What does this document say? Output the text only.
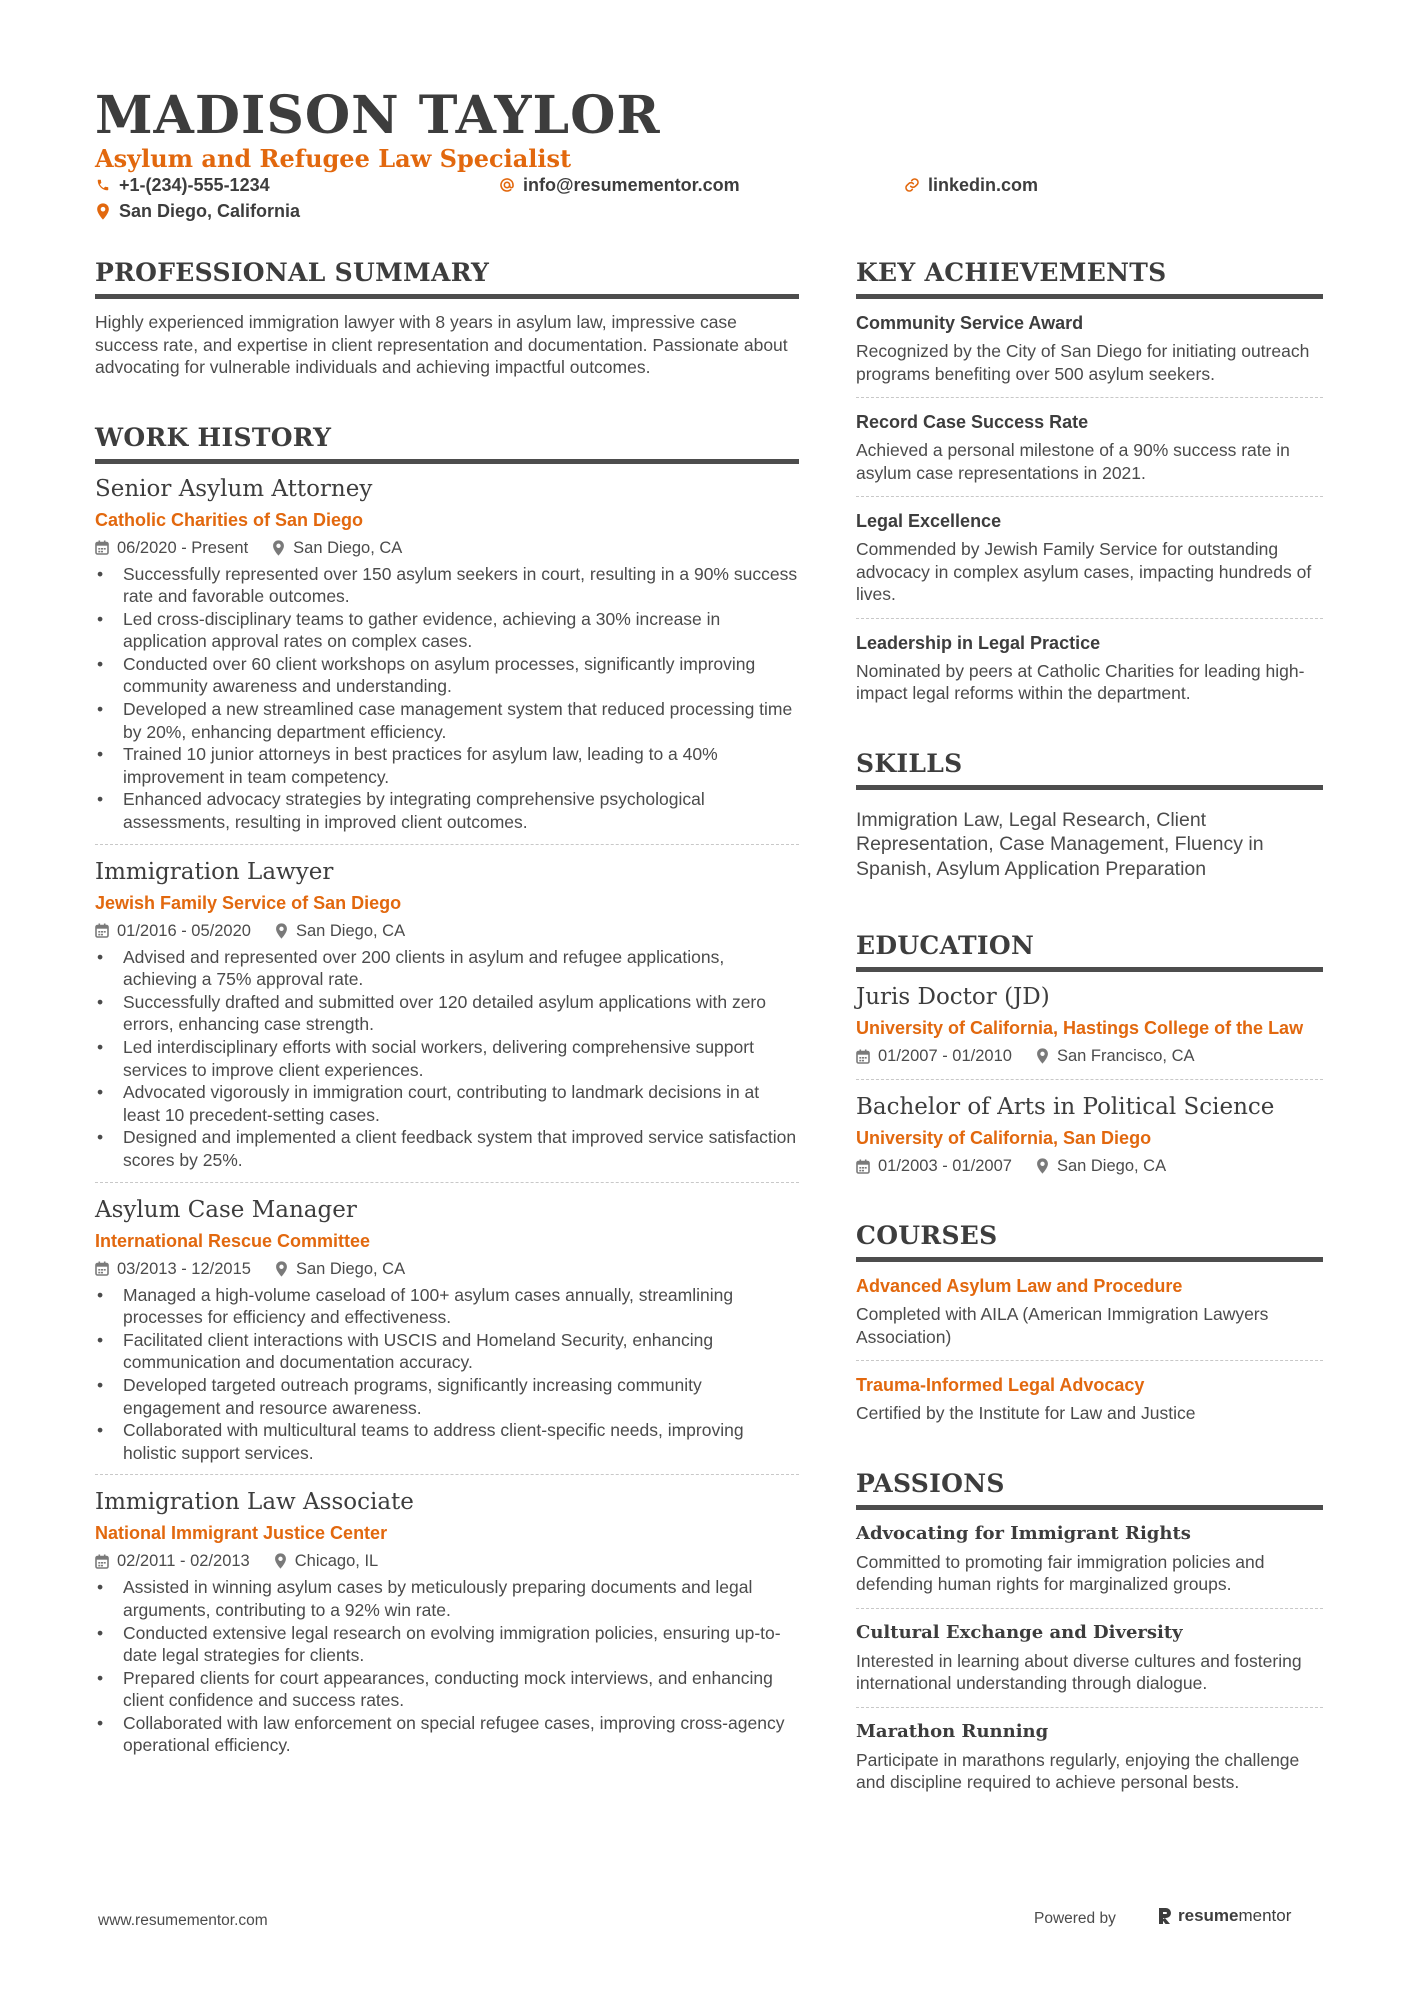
MADISON TAYLOR
Asylum and Refugee Law Specialist
+1-(234)-555-1234	info@resumementor.com	linkedin.com
San Diego, California
PROFESSIONAL SUMMARY
Highly experienced immigration lawyer with 8 years in asylum law, impressive case success rate, and expertise in client representation and documentation. Passionate about advocating for vulnerable individuals and achieving impactful outcomes.
WORK HISTORY
Senior Asylum Attorney
Catholic Charities of San Diego
06/2020 - Present	San Diego, CA
• Successfully represented over 150 asylum seekers in court, resulting in a 90% success rate and favorable outcomes.
• Led cross-disciplinary teams to gather evidence, achieving a 30% increase in application approval rates on complex cases.
• Conducted over 60 client workshops on asylum processes, significantly improving community awareness and understanding.
• Developed a new streamlined case management system that reduced processing time by 20%, enhancing department efficiency.
• Trained 10 junior attorneys in best practices for asylum law, leading to a 40% improvement in team competency.
• Enhanced advocacy strategies by integrating comprehensive psychological assessments, resulting in improved client outcomes.
Immigration Lawyer
Jewish Family Service of San Diego
01/2016 - 05/2020	San Diego, CA
• Advised and represented over 200 clients in asylum and refugee applications, achieving a 75% approval rate.
• Successfully drafted and submitted over 120 detailed asylum applications with zero errors, enhancing case strength.
• Led interdisciplinary efforts with social workers, delivering comprehensive support services to improve client experiences.
• Advocated vigorously in immigration court, contributing to landmark decisions in at least 10 precedent-setting cases.
• Designed and implemented a client feedback system that improved service satisfaction scores by 25%.
Asylum Case Manager
International Rescue Committee
03/2013 - 12/2015	San Diego, CA
• Managed a high-volume caseload of 100+ asylum cases annually, streamlining processes for efficiency and effectiveness.
• Facilitated client interactions with USCIS and Homeland Security, enhancing communication and documentation accuracy.
• Developed targeted outreach programs, significantly increasing community engagement and resource awareness.
• Collaborated with multicultural teams to address client-specific needs, improving holistic support services.
Immigration Law Associate
National Immigrant Justice Center
02/2011 - 02/2013	Chicago, IL
• Assisted in winning asylum cases by meticulously preparing documents and legal arguments, contributing to a 92% win rate.
• Conducted extensive legal research on evolving immigration policies, ensuring up-to-date legal strategies for clients.
• Prepared clients for court appearances, conducting mock interviews, and enhancing client confidence and success rates.
• Collaborated with law enforcement on special refugee cases, improving cross-agency operational efficiency.
KEY ACHIEVEMENTS
Community Service Award
Recognized by the City of San Diego for initiating outreach programs benefiting over 500 asylum seekers.
Record Case Success Rate
Achieved a personal milestone of a 90% success rate in asylum case representations in 2021.
Legal Excellence
Commended by Jewish Family Service for outstanding advocacy in complex asylum cases, impacting hundreds of lives.
Leadership in Legal Practice
Nominated by peers at Catholic Charities for leading high-impact legal reforms within the department.
SKILLS
Immigration Law, Legal Research, Client Representation, Case Management, Fluency in Spanish, Asylum Application Preparation
EDUCATION
Juris Doctor (JD)
University of California, Hastings College of the Law
01/2007 - 01/2010	San Francisco, CA
Bachelor of Arts in Political Science
University of California, San Diego
01/2003 - 01/2007	San Diego, CA
COURSES
Advanced Asylum Law and Procedure
Completed with AILA (American Immigration Lawyers Association)
Trauma-Informed Legal Advocacy
Certified by the Institute for Law and Justice
PASSIONS
Advocating for Immigrant Rights
Committed to promoting fair immigration policies and defending human rights for marginalized groups.
Cultural Exchange and Diversity
Interested in learning about diverse cultures and fostering international understanding through dialogue.
Marathon Running
Participate in marathons regularly, enjoying the challenge and discipline required to achieve personal bests.
www.resumementor.com	Powered by	resumementor
